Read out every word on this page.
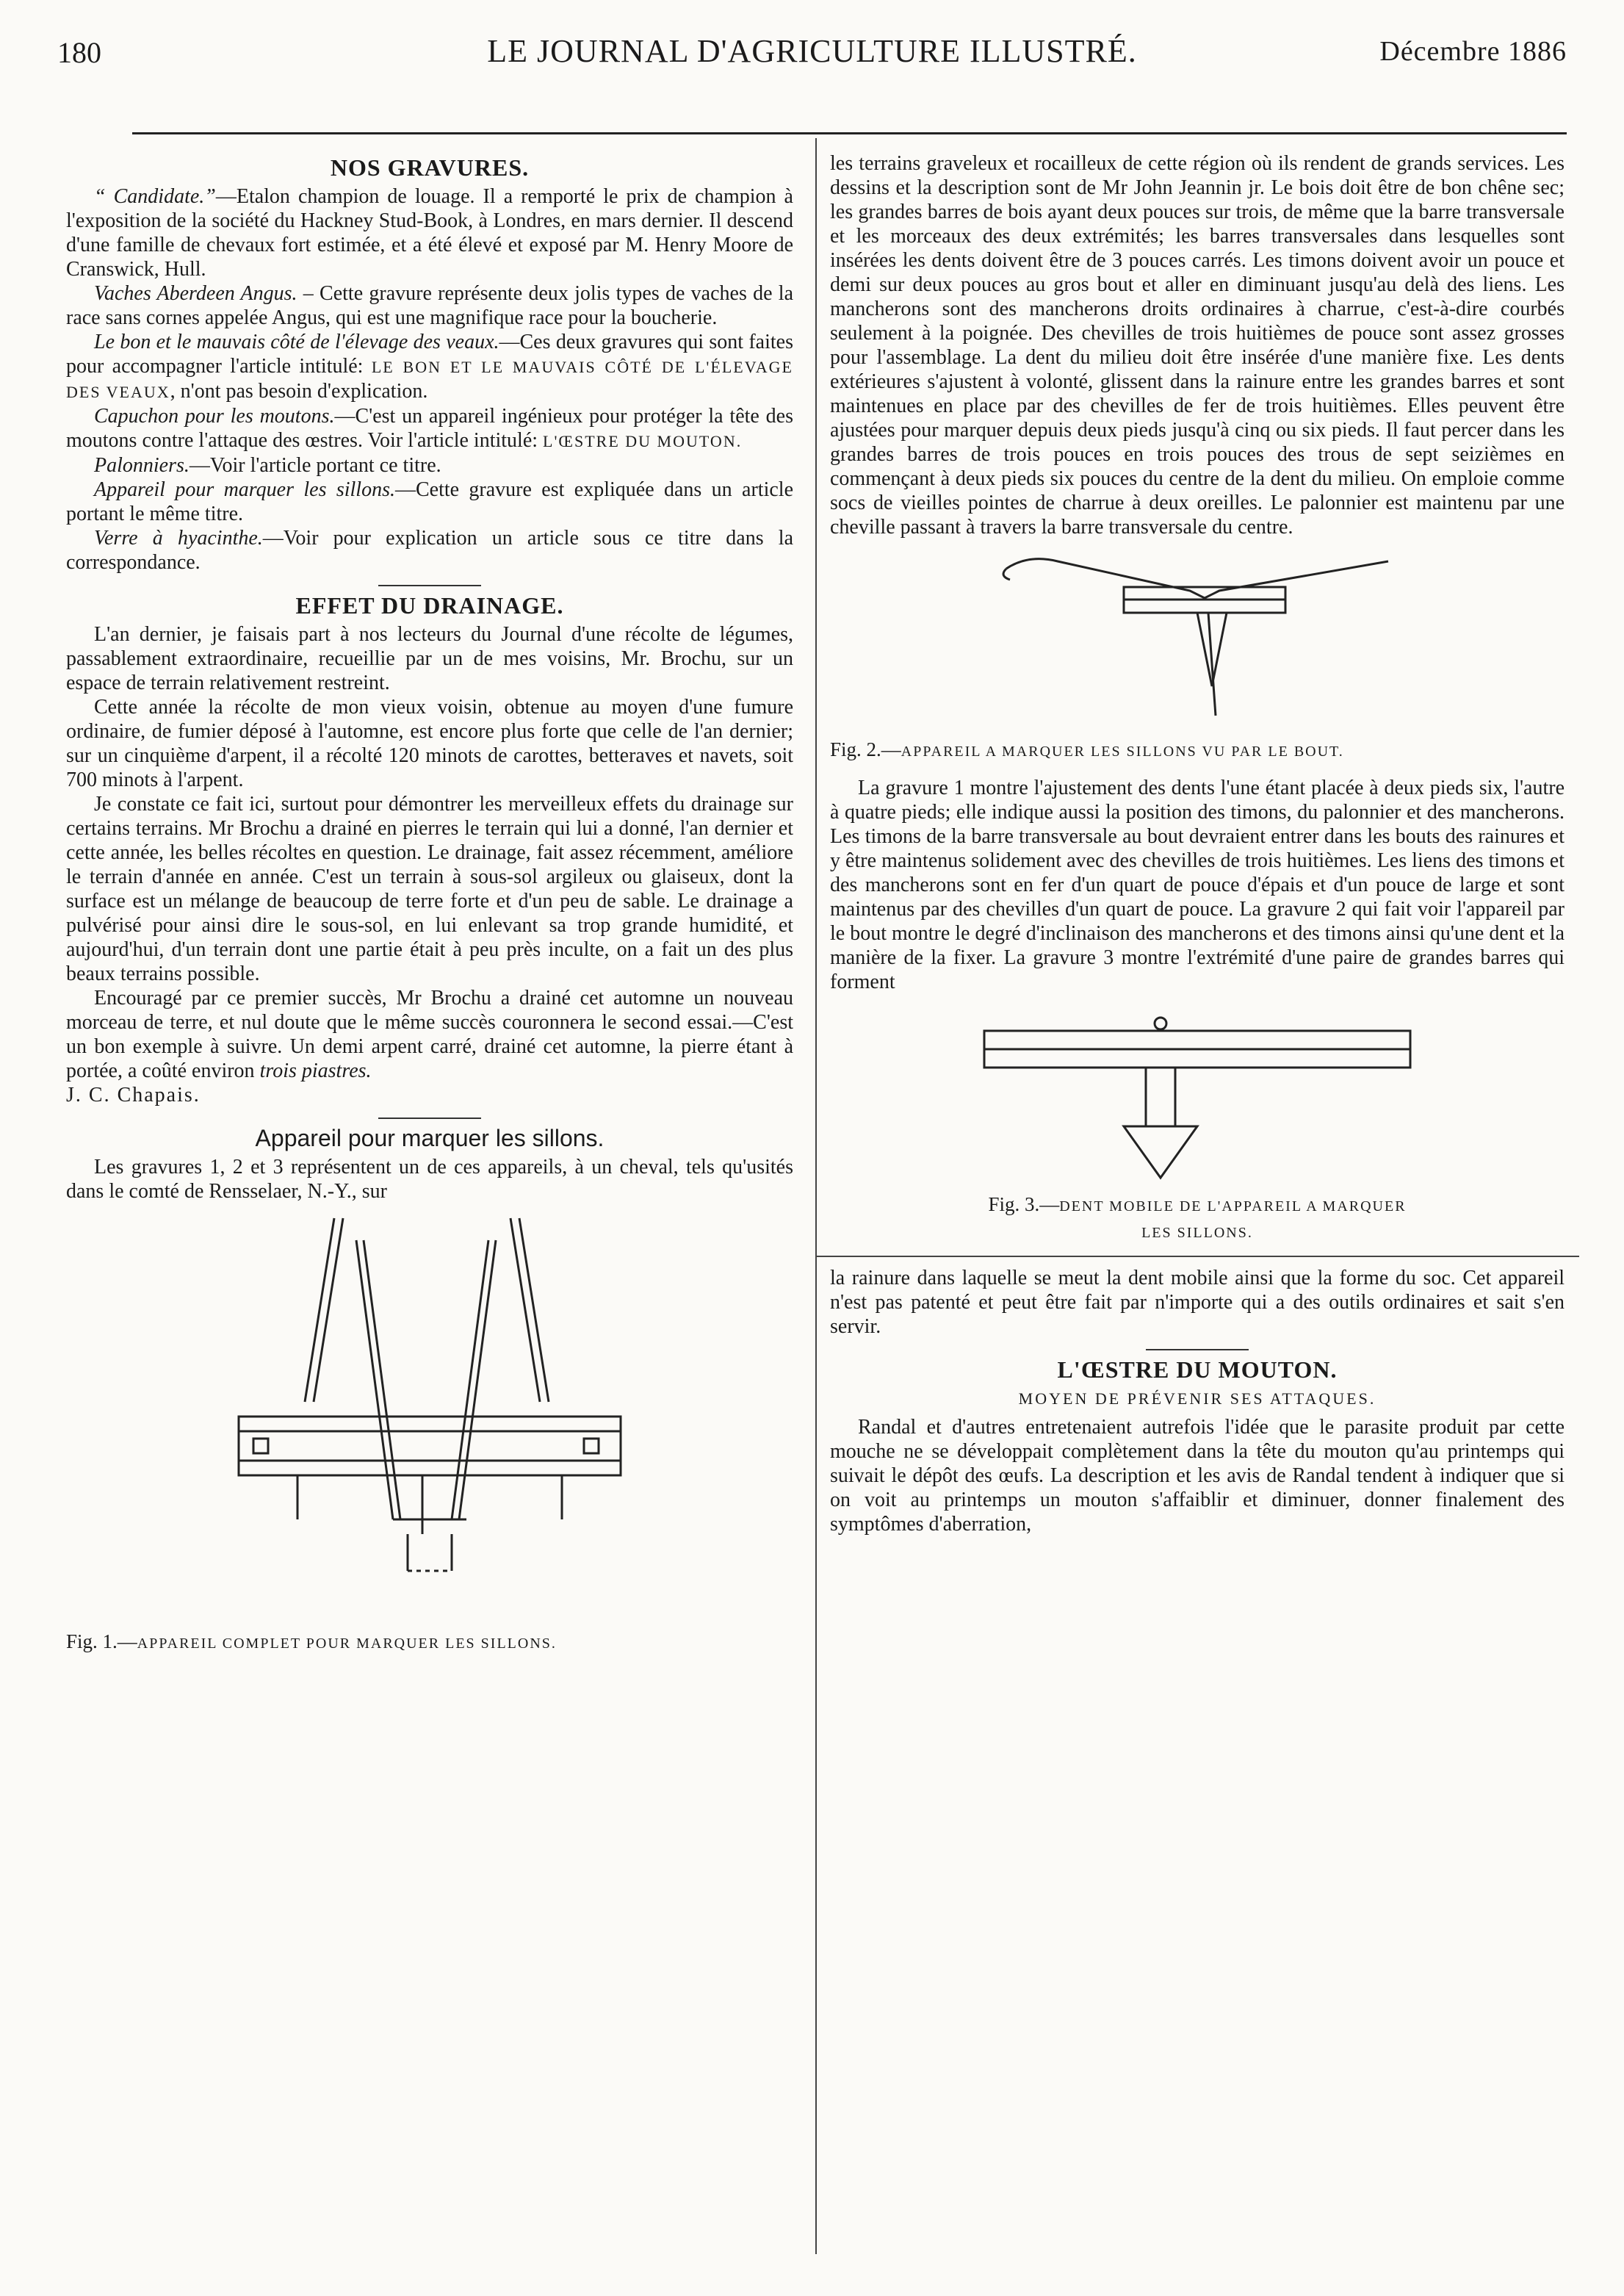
180	LE JOURNAL D'AGRICULTURE ILLUSTRÉ.	Décembre 1886
NOS GRAVURES.

“ Candidate.”—Etalon champion de louage. Il a remporté le prix de champion à l'exposition de la société du Hackney Stud-Book, à Londres, en mars dernier. Il descend d'une famille de chevaux fort estimée, et a été élevé et exposé par M. Henry Moore de Cranswick, Hull.

Vaches Aberdeen Angus. – Cette gravure représente deux jolis types de vaches de la race sans cornes appelée Angus, qui est une magnifique race pour la boucherie.

Le bon et le mauvais côté de l'élevage des veaux.—Ces deux gravures qui sont faites pour accompagner l'article intitulé: LE BON ET LE MAUVAIS CÔTÉ DE L'ÉLEVAGE DES VEAUX, n'ont pas besoin d'explication.

Capuchon pour les moutons.—C'est un appareil ingénieux pour protéger la tête des moutons contre l'attaque des œstres. Voir l'article intitulé: L'ŒSTRE DU MOUTON.

Palonniers.—Voir l'article portant ce titre.

Appareil pour marquer les sillons.—Cette gravure est expliquée dans un article portant le même titre.

Verre à hyacinthe.—Voir pour explication un article sous ce titre dans la correspondance.

EFFET DU DRAINAGE.

L'an dernier, je faisais part à nos lecteurs du Journal d'une récolte de légumes, passablement extraordinaire, recueillie par un de mes voisins, Mr. Brochu, sur un espace de terrain relativement restreint.

Cette année la récolte de mon vieux voisin, obtenue au moyen d'une fumure ordinaire, de fumier déposé à l'automne, est encore plus forte que celle de l'an dernier; sur un cinquième d'arpent, il a récolté 120 minots de carottes, betteraves et navets, soit 700 minots à l'arpent.

Je constate ce fait ici, surtout pour démontrer les merveilleux effets du drainage sur certains terrains. Mr Brochu a drainé en pierres le terrain qui lui a donné, l'an dernier et cette année, les belles récoltes en question. Le drainage, fait assez récemment, améliore le terrain d'année en année. C'est un terrain à sous-sol argileux ou glaiseux, dont la surface est un mélange de beaucoup de terre forte et d'un peu de sable. Le drainage a pulvérisé pour ainsi dire le sous-sol, en lui enlevant sa trop grande humidité, et aujourd'hui, d'un terrain dont une partie était à peu près inculte, on a fait un des plus beaux terrains possible.

Encouragé par ce premier succès, Mr Brochu a drainé cet automne un nouveau morceau de terre, et nul doute que le même succès couronnera le second essai.—C'est un bon exemple à suivre. Un demi arpent carré, drainé cet automne, la pierre étant à portée, a coûté environ trois piastres.

J. C. Chapais.

Appareil pour marquer les sillons.

Les gravures 1, 2 et 3 représentent un de ces appareils, à un cheval, tels qu'usités dans le comté de Rensselaer, N.-Y., sur

Fig. 1.—APPAREIL COMPLET POUR MARQUER LES SILLONS.

les terrains graveleux et rocailleux de cette région où ils rendent de grands services. Les dessins et la description sont de Mr John Jeannin jr. Le bois doit être de bon chêne sec; les grandes barres de bois ayant deux pouces sur trois, de même que la barre transversale et les morceaux des deux extrémités; les barres transversales dans lesquelles sont insérées les dents doivent être de 3 pouces carrés. Les timons doivent avoir un pouce et demi sur deux pouces au gros bout et aller en diminuant jusqu'au delà des liens. Les mancherons sont des mancherons droits ordinaires à charrue, c'est-à-dire courbés seulement à la poignée. Des chevilles de trois huitièmes de pouce sont assez grosses pour l'assemblage. La dent du milieu doit être insérée d'une manière fixe. Les dents extérieures s'ajustent à volonté, glissent dans la rainure entre les grandes barres et sont maintenues en place par des chevilles de fer de trois huitièmes. Elles peuvent être ajustées pour marquer depuis deux pieds jusqu'à cinq ou six pieds. Il faut percer dans les grandes barres de trois pouces en trois pouces des trous de sept seizièmes en commençant à deux pieds six pouces du centre de la dent du milieu. On emploie comme socs de vieilles pointes de charrue à deux oreilles. Le palonnier est maintenu par une cheville passant à travers la barre transversale du centre.

Fig. 2.—APPAREIL A MARQUER LES SILLONS VU PAR LE BOUT.

La gravure 1 montre l'ajustement des dents l'une étant placée à deux pieds six, l'autre à quatre pieds; elle indique aussi la position des timons, du palonnier et des mancherons. Les timons de la barre transversale au bout devraient entrer dans les bouts des rainures et y être maintenus solidement avec des chevilles de trois huitièmes. Les liens des timons et des mancherons sont en fer d'un quart de pouce d'épais et d'un pouce de large et sont maintenus par des chevilles d'un quart de pouce. La gravure 2 qui fait voir l'appareil par le bout montre le degré d'inclinaison des mancherons et des timons ainsi qu'une dent et la manière de la fixer. La gravure 3 montre l'extrémité d'une paire de grandes barres qui forment

Fig. 3.—DENT MOBILE DE L'APPAREIL A MARQUER
LES SILLONS.

la rainure dans laquelle se meut la dent mobile ainsi que la forme du soc. Cet appareil n'est pas patenté et peut être fait par n'importe qui a des outils ordinaires et sait s'en servir.

L'ŒSTRE DU MOUTON.
MOYEN DE PRÉVENIR SES ATTAQUES.

Randal et d'autres entretenaient autrefois l'idée que le parasite produit par cette mouche ne se développait complètement dans la tête du mouton qu'au printemps qui suivait le dépôt des œufs. La description et les avis de Randal tendent à indiquer que si on voit au printemps un mouton s'affaiblir et diminuer, donner finalement des symptômes d'aberration,
